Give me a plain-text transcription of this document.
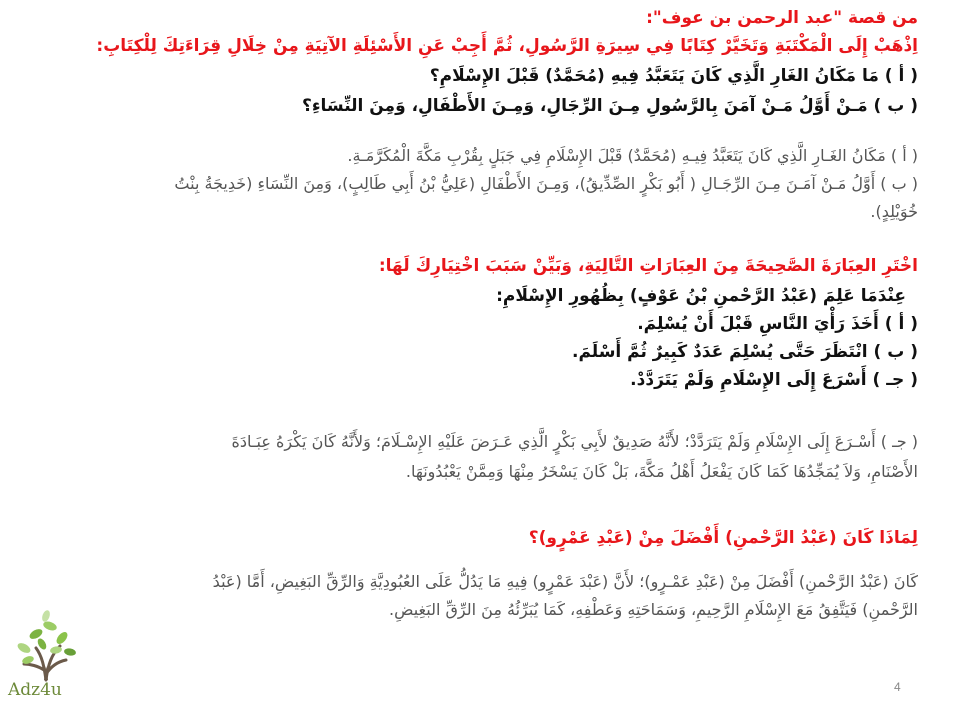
من قصة "عبد الرحمن بن عوف":
اِذْهَبْ إِلَى الْمَكْتَبَةِ وَتَخَيَّرْ كِتَابًا فِي سِيرَةِ الرَّسُولِ، ثُمَّ أَجِبْ عَنِ الأَسْئِلَةِ الآتِيَةِ مِنْ خِلَالِ قِرَاءَتِكَ لِلْكِتَابِ:
( أ ) مَا مَكَانُ الغَارِ الَّذِي كَانَ يَتَعَبَّدُ فِيهِ (مُحَمَّدٌ) قَبْلَ الإِسْلَامِ؟
( ب ) مَـنْ أَوَّلُ مَـنْ آمَنَ بِالرَّسُولِ مِـنَ الرِّجَالِ، وَمِـنَ الأَطْفَالِ، وَمِنَ النِّسَاءِ؟
( أ ) مَكَانُ الغَـارِ الَّذِي كَانَ يَتَعَبَّدُ فِيـهِ (مُحَمَّدٌ) قَبْلَ الإِسْلَامِ فِي جَبَلٍ بِقُرْبِ مَكَّةَ الْمُكَرَّمَـةِ.
( ب ) أَوَّلُ مَـنْ آمَـنَ مِـنَ الرِّجَـالِ ( أَبُو بَكْرٍ الصِّدِّيقُ)، وَمِـنَ الأَطْفَالِ (عَلِيُّ بْنُ أَبِي طَالِبٍ)، وَمِنَ النِّسَاءِ (خَدِيجَةُ بِنْتُ
خُوَيْلِدٍ).
اخْتَرِ العِبَارَةَ الصَّحِيحَةَ مِنَ العِبَارَاتِ التَّالِيَةِ، وَبَيِّنْ سَبَبَ اخْتِيَارِكَ لَهَا:
عِنْدَمَا عَلِمَ (عَبْدُ الرَّحْمنِ بْنُ عَوْفٍ) بِظُهُورِ الإِسْلَامِ:
( أ ) أَخَذَ رَأْيَ النَّاسِ قَبْلَ أَنْ يُسْلِمَ.
( ب ) انْتَظَرَ حَتَّى يُسْلِمَ عَدَدٌ كَبِيرٌ ثُمَّ أَسْلَمَ.
( جـ ) أَسْرَعَ إِلَى الإِسْلَامِ وَلَمْ يَتَرَدَّدْ.
( جـ ) أَسْـرَعَ إِلَى الإِسْلَامِ وَلَمْ يَتَرَدَّدْ؛ لأَنَّهُ صَدِيقٌ لأَبِي بَكْرٍ الَّذِي عَـرَضَ عَلَيْهِ الإِسْـلَامَ؛ وَلأَنَّهُ كَانَ يَكْرَهُ عِبَـادَةَ
الأَصْنَامِ، وَلاَ يُمَجِّدُهَا كَمَا كَانَ يَفْعَلُ أَهْلُ مَكَّةَ، بَلْ كَانَ يَسْخَرُ مِنْهَا وَمِمَّنْ يَعْبُدُونَهَا.
لِمَاذَا كَانَ (عَبْدُ الرَّحْمنِ) أَفْضَلَ مِنْ (عَبْدِ عَمْرٍو)؟
كَانَ (عَبْدُ الرَّحْمنِ) أَفْضَلَ مِنْ (عَبْدِ عَمْـرٍو)؛ لأَنَّ (عَبْدَ عَمْرٍو) فِيهِ مَا يَدُلُّ عَلَى العُبُودِيَّةِ وَالرِّقِّ البَغِيضِ، أَمَّا (عَبْدُ
الرَّحْمنِ) فَيَتَّفِقُ مَعَ الإِسْلَامِ الرَّحِيمِ، وَسَمَاحَتِهِ وَعَطْفِهِ، كَمَا يُبَرِّئُهُ مِنَ الرِّقِّ البَغِيضِ.
Adz4u	4
